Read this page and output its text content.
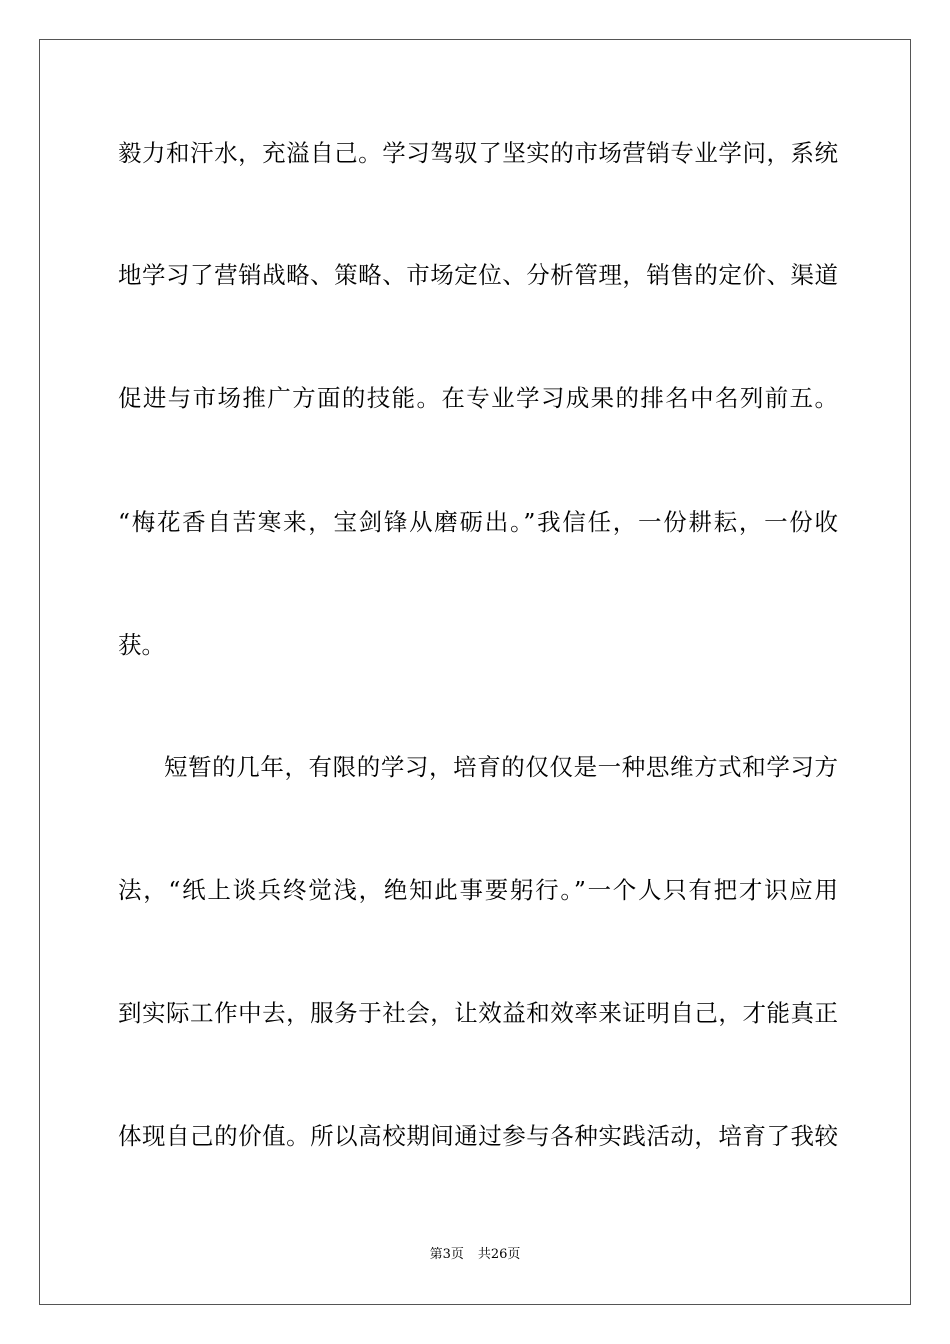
毅力和汗水，充溢自己。学习驾驭了坚实的市场营销专业学问，系统
地学习了营销战略、策略、市场定位、分析管理，销售的定价、渠道
促进与市场推广方面的技能。在专业学习成果的排名中名列前五。
“梅花香自苦寒来，宝剑锋从磨砺出。”我信任，一份耕耘，一份收
获。
短暂的几年，有限的学习，培育的仅仅是一种思维方式和学习方
法，“纸上谈兵终觉浅，绝知此事要躬行。”一个人只有把才识应用
到实际工作中去，服务于社会，让效益和效率来证明自己，才能真正
体现自己的价值。所以高校期间通过参与各种实践活动，培育了我较
第3页 共26页
